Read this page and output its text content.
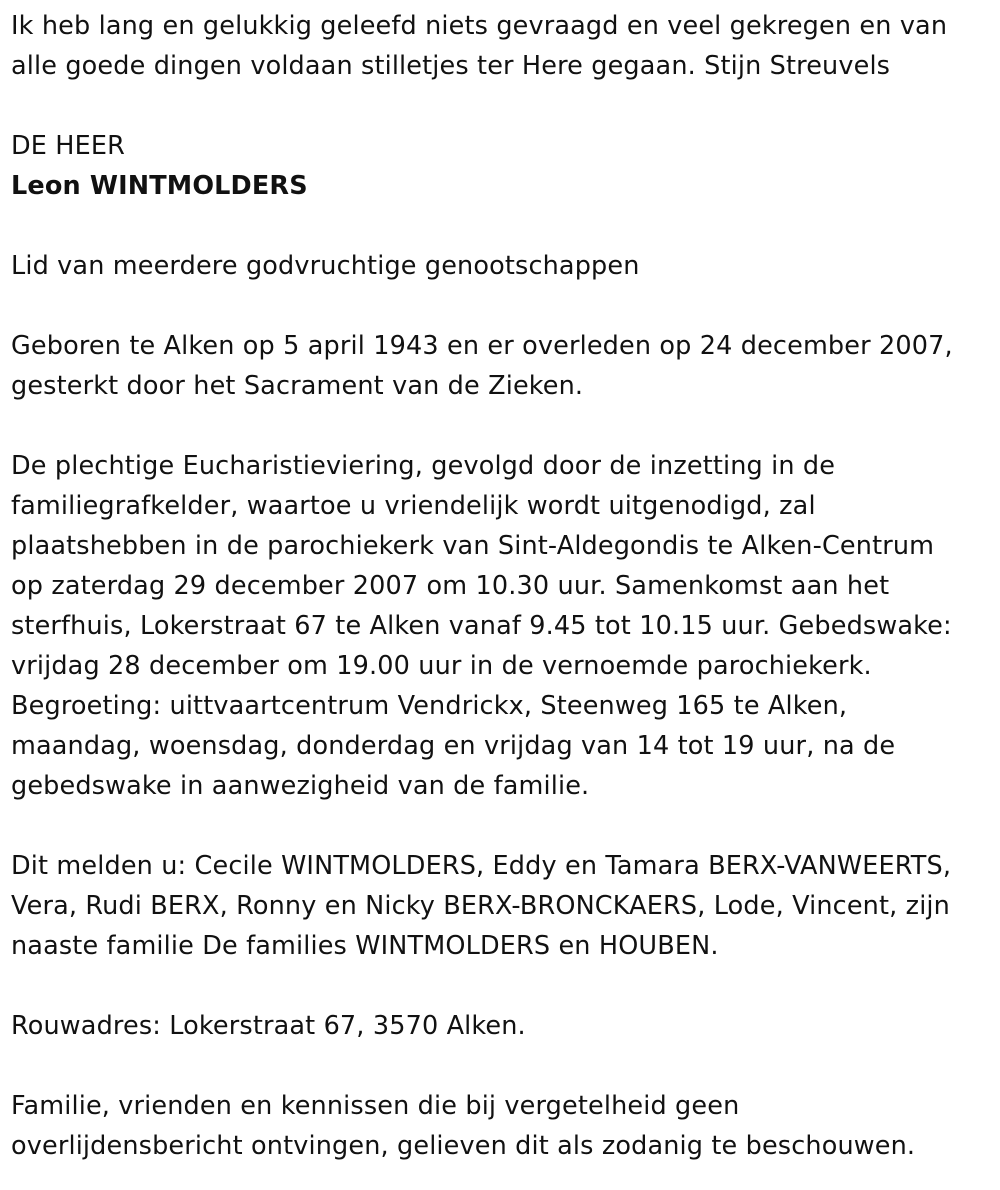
Ik heb lang en gelukkig geleefd niets gevraagd en veel gekregen en van
alle goede dingen voldaan stilletjes ter Here gegaan. Stijn Streuvels

DE HEER
Leon WINTMOLDERS

Lid van meerdere godvruchtige genootschappen

Geboren te Alken op 5 april 1943 en er overleden op 24 december 2007,
gesterkt door het Sacrament van de Zieken.

De plechtige Eucharistieviering, gevolgd door de inzetting in de
familiegrafkelder, waartoe u vriendelijk wordt uitgenodigd, zal
plaatshebben in de parochiekerk van Sint-Aldegondis te Alken-Centrum
op zaterdag 29 december 2007 om 10.30 uur. Samenkomst aan het
sterfhuis, Lokerstraat 67 te Alken vanaf 9.45 tot 10.15 uur. Gebedswake:
vrijdag 28 december om 19.00 uur in de vernoemde parochiekerk.
Begroeting: uittvaartcentrum Vendrickx, Steenweg 165 te Alken,
maandag, woensdag, donderdag en vrijdag van 14 tot 19 uur, na de
gebedswake in aanwezigheid van de familie.

Dit melden u: Cecile WINTMOLDERS, Eddy en Tamara BERX-VANWEERTS,
Vera, Rudi BERX, Ronny en Nicky BERX-BRONCKAERS, Lode, Vincent, zijn
naaste familie De families WINTMOLDERS en HOUBEN.

Rouwadres: Lokerstraat 67, 3570 Alken.

Familie, vrienden en kennissen die bij vergetelheid geen
overlijdensbericht ontvingen, gelieven dit als zodanig te beschouwen.
